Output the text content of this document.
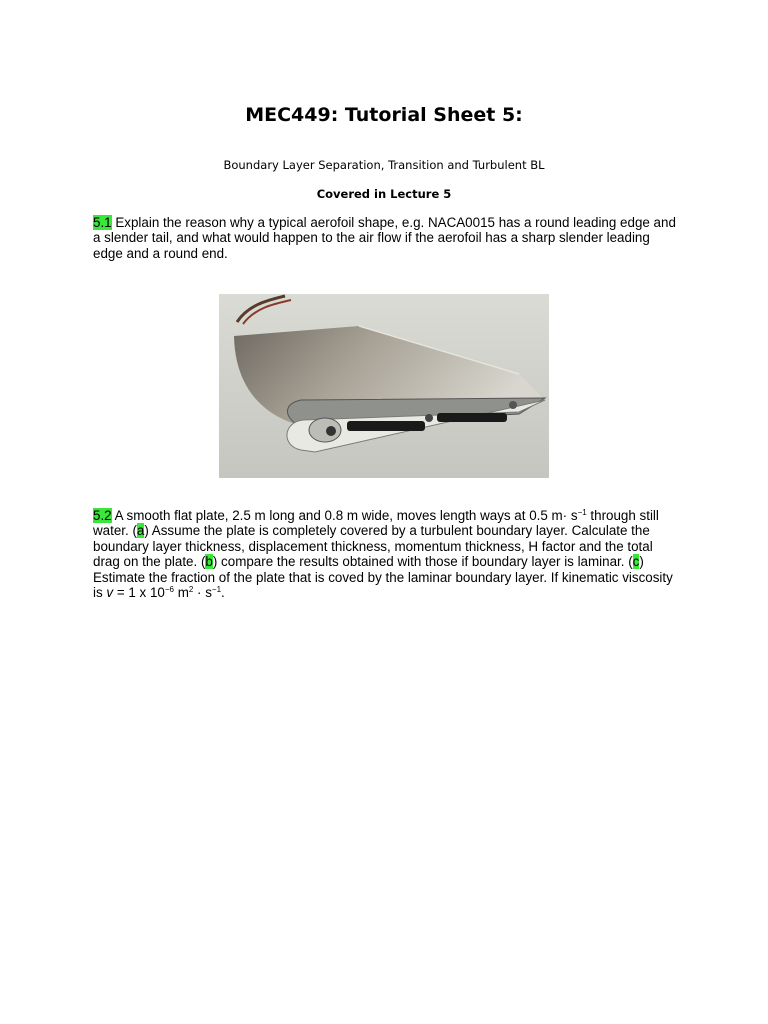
MEC449: Tutorial Sheet 5:
Boundary Layer Separation, Transition and Turbulent BL
Covered in Lecture 5
5.1 Explain the reason why a typical aerofoil shape, e.g. NACA0015 has a round leading edge and a slender tail, and what would happen to the air flow if the aerofoil has a sharp slender leading edge and a round end.
5.2 A smooth flat plate, 2.5 m long and 0.8 m wide, moves length ways at 0.5 $m\cdot s^{-1}$ through still water. (a) Assume the plate is completely covered by a turbulent boundary layer. Calculate the boundary layer thickness, displacement thickness, momentum thickness, H factor and the total drag on the plate. (b) compare the results obtained with those if boundary layer is laminar. (c) Estimate the fraction of the plate that is coved by the laminar boundary layer. If kinematic viscosity is v = 1 x $10^{-6}$ $m^2 \cdot s^{-1}$.
